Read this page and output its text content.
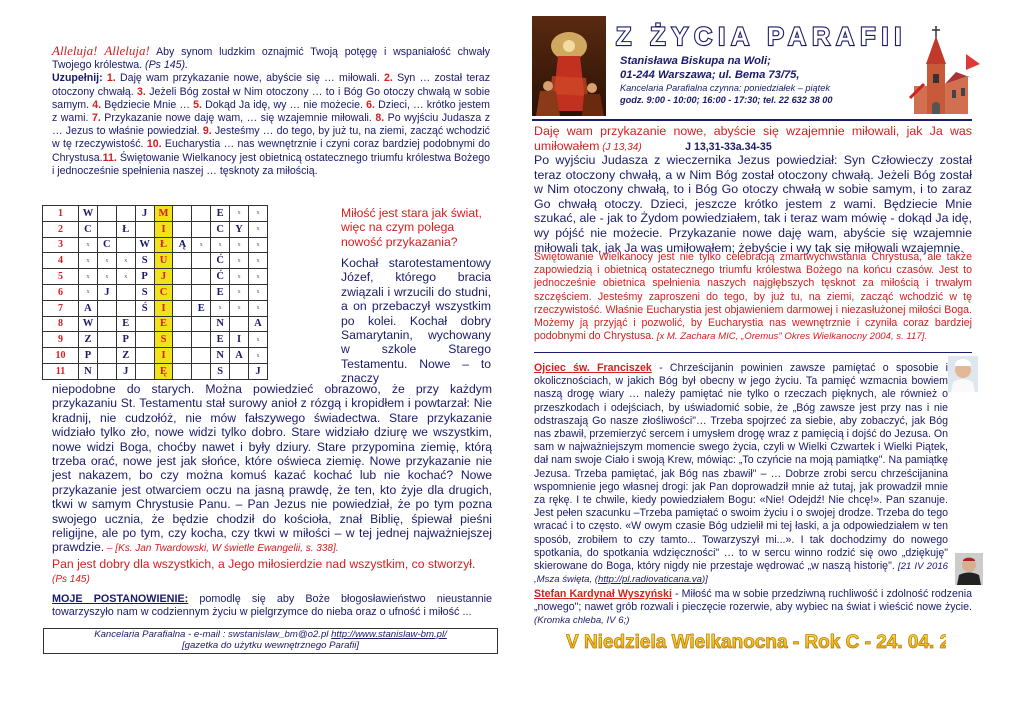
Alleluja! Alleluja! Aby synom ludzkim oznajmić Twoją potęgę i wspaniałość chwały Twojego królestwa. (Ps 145).
Uzupełnij: 1. Daję wam przykazanie nowe, abyście się … miłowali. 2. Syn … został teraz otoczony chwałą. 3. Jeżeli Bóg został w Nim otoczony … to i Bóg Go otoczy chwałą w sobie samym. 4. Będziecie Mnie … 5. Dokąd Ja idę, wy … nie możecie. 6. Dzieci, … krótko jestem z wami. 7. Przykazanie nowe daję wam, … się wzajemnie miłowali. 8. Po wyjściu Judasza z … Jezus to właśnie powiedział. 9. Jesteśmy … do tego, by już tu, na ziemi, zacząć wchodzić w tę rzeczywistość. 10. Eucharystia … nas wewnętrznie i czyni coraz bardziej podobnymi do Chrystusa.11. Świętowanie Wielkanocy jest obietnicą ostatecznego triumfu królestwa Bożego i jednocześnie spełnienia naszej … tęsknoty za miłością.
1	W			J	M			E	x	x
2	C		Ł		I			C	Y	x
3	x	C		W	Ł	Ą	x	x	x	x
4	x	x	x	S	U			Ć	x	x
5	x	x	x	P	J			Ć	x	x
6	x	J		S	C			E	x	x
7	A			Ś	I		E	x	x	x
8	W		E		E			N		A
9	Z		P		S			E	I	x
10	P		Z		I			N	A	x
11	N		J		Ę			S		J
Miłość jest stara jak świat, więc na czym polega nowość przykazania?
Kochał starotestamentowy Józef, którego bracia związali i wrzucili do studni, a on przebaczył wszystkim po kolei. Kochał dobry Samarytanin, wychowany w szkole Starego Testamentu. Nowe – to znaczy
niepodobne do starych. Można powiedzieć obrazowo, że przy każdym przykazaniu St. Testamentu stał surowy anioł z rózgą i kropidłem i powtarzał: Nie kradnij, nie cudzołóż, nie mów fałszywego świadectwa. Stare przykazanie widziało tylko zło, nowe widzi tylko dobro. Stare widziało dziurę we wszystkim, nowe widzi Boga, choćby nawet i były dziury. Stare przypomina ziemię, którą trzeba orać, nowe jest jak słońce, które oświeca ziemię. Nowe przykazanie nie jest nakazem, bo czy można komuś kazać kochać lub nie kochać? Nowe przykazanie jest otwarciem oczu na jasną prawdę, że ten, kto żyje dla drugich, tkwi w samym Chrystusie Panu. – Pan Jezus nie powiedział, że po tym pozna swojego ucznia, że będzie chodził do kościoła, znał Biblię, śpiewał pieśni religijne, ale po tym, czy kocha, czy tkwi w miłości – w tej jednej najważniejszej prawdzie. – [Ks. Jan Twardowski, W świetle Ewangelii, s. 338].
Pan jest dobry dla wszystkich, a Jego miłosierdzie nad wszystkim, co stworzył.
(Ps 145)
MOJE POSTANOWIENIE: pomodlę się aby Boże błogosławieństwo nieustannie towarzyszyło nam w codziennym życiu w pielgrzymce do nieba oraz o ufność i miłość ...
Kancelaria Parafialna - e-mail : swstanislaw_bm@o2.pl http://www.stanislaw-bm.pl/
[gazetka do użytku wewnętrznego Parafii]
Z ŻYCIA PARAFII
Stanisława Biskupa na Woli;
01-244 Warszawa; ul. Bema 73/75,
Kancelaria Parafialna czynna: poniedziałek – piątek
godz. 9:00 - 10:00; 16:00 - 17:30; tel. 22 632 38 00
Daję wam przykazanie nowe, abyście się wzajemnie miłowali, jak Ja was umiłowałem (J 13,34)	J 13,31-33a.34-35
Po wyjściu Judasza z wieczernika Jezus powiedział: Syn Człowieczy został teraz otoczony chwałą, a w Nim Bóg został otoczony chwałą. Jeżeli Bóg został w Nim otoczony chwałą, to i Bóg Go otoczy chwałą w sobie samym, i to zaraz Go chwałą otoczy. Dzieci, jeszcze krótko jestem z wami. Będziecie Mnie szukać, ale - jak to Żydom powiedziałem, tak i teraz wam mówię - dokąd Ja idę, wy pójść nie możecie. Przykazanie nowe daję wam, abyście się wzajemnie miłowali tak, jak Ja was umiłowałem; żebyście i wy tak się miłowali wzajemnie.
Świętowanie Wielkanocy jest nie tylko celebracją zmartwychwstania Chrystusa, ale także zapowiedzią i obietnicą ostatecznego triumfu królestwa Bożego na końcu czasów. Jest to jednocześnie obietnica spełnienia naszych najgłębszych tęsknot za miłością i trwałym szczęściem. Jesteśmy zaproszeni do tego, by już tu, na ziemi, zacząć wchodzić w tę rzeczywistość. Właśnie Eucharystia jest objawieniem darmowej i niezasłużonej miłości Boga. Możemy ją przyjąć i pozwolić, by Eucharystia nas wewnętrznie i czyniła coraz bardziej podobnymi do Chrystusa. [x M. Zachara MIC, „Oremus" Okres Wielkanocny 2004, s. 117].
Ojciec św. Franciszek - Chrześcijanin powinien zawsze pamiętać o sposobie i okolicznościach, w jakich Bóg był obecny w jego życiu. Ta pamięć wzmacnia bowiem naszą drogę wiary … należy pamiętać nie tylko o rzeczach pięknych, ale również o przeszkodach i odejściach, by uświadomić sobie, że „Bóg zawsze jest przy nas i nie odstraszają Go nasze złośliwości"… Trzeba spojrzeć za siebie, aby zobaczyć, jak Bóg nas zbawił, przemierzyć sercem i umysłem drogę wraz z pamięcią i dojść do Jezusa. On sam w najważniejszym momencie swego życia, czyli w Wielki Czwartek i Wielki Piątek, dał nam swoje Ciało i swoją Krew, mówiąc: „To czyńcie na moją pamiątkę". Na pamiątkę Jezusa. Trzeba pamiętać, jak Bóg nas zbawił" – … Dobrze zrobi sercu chrześcijanina wspomnienie jego własnej drogi: jak Pan doprowadził mnie aż tutaj, jak prowadził mnie za rękę. I te chwile, kiedy powiedziałem Bogu: «Nie! Odejdź! Nie chcę!». Pan szanuje. Jest pełen szacunku –Trzeba pamiętać o swoim życiu i o swojej drodze. Trzeba do tego wracać i to często. «W owym czasie Bóg udzielił mi tej łaski, a ja odpowiedziałem w ten sposób, zrobiłem to czy tamto... Towarzyszył mi...». I tak dochodzimy do nowego spotkania, do spotkania wdzięczności" … to w sercu winno rodzić się owo „dziękuję" skierowane do Boga, który nigdy nie przestaje wędrować „w naszą historię". [21 IV 2016 ,Msza święta, (http://pl.radiovaticana.va)]
Stefan Kardynał Wyszyński - Miłość ma w sobie przedziwną ruchliwość i zdolność rodzenia „nowego"; nawet grób rozwali i pieczęcie rozerwie, aby wybiec na świat i wieścić nowe życie. (Kromka chleba, IV 6;)
V Niedziela Wielkanocna - Rok C - 24. 04. 2016
